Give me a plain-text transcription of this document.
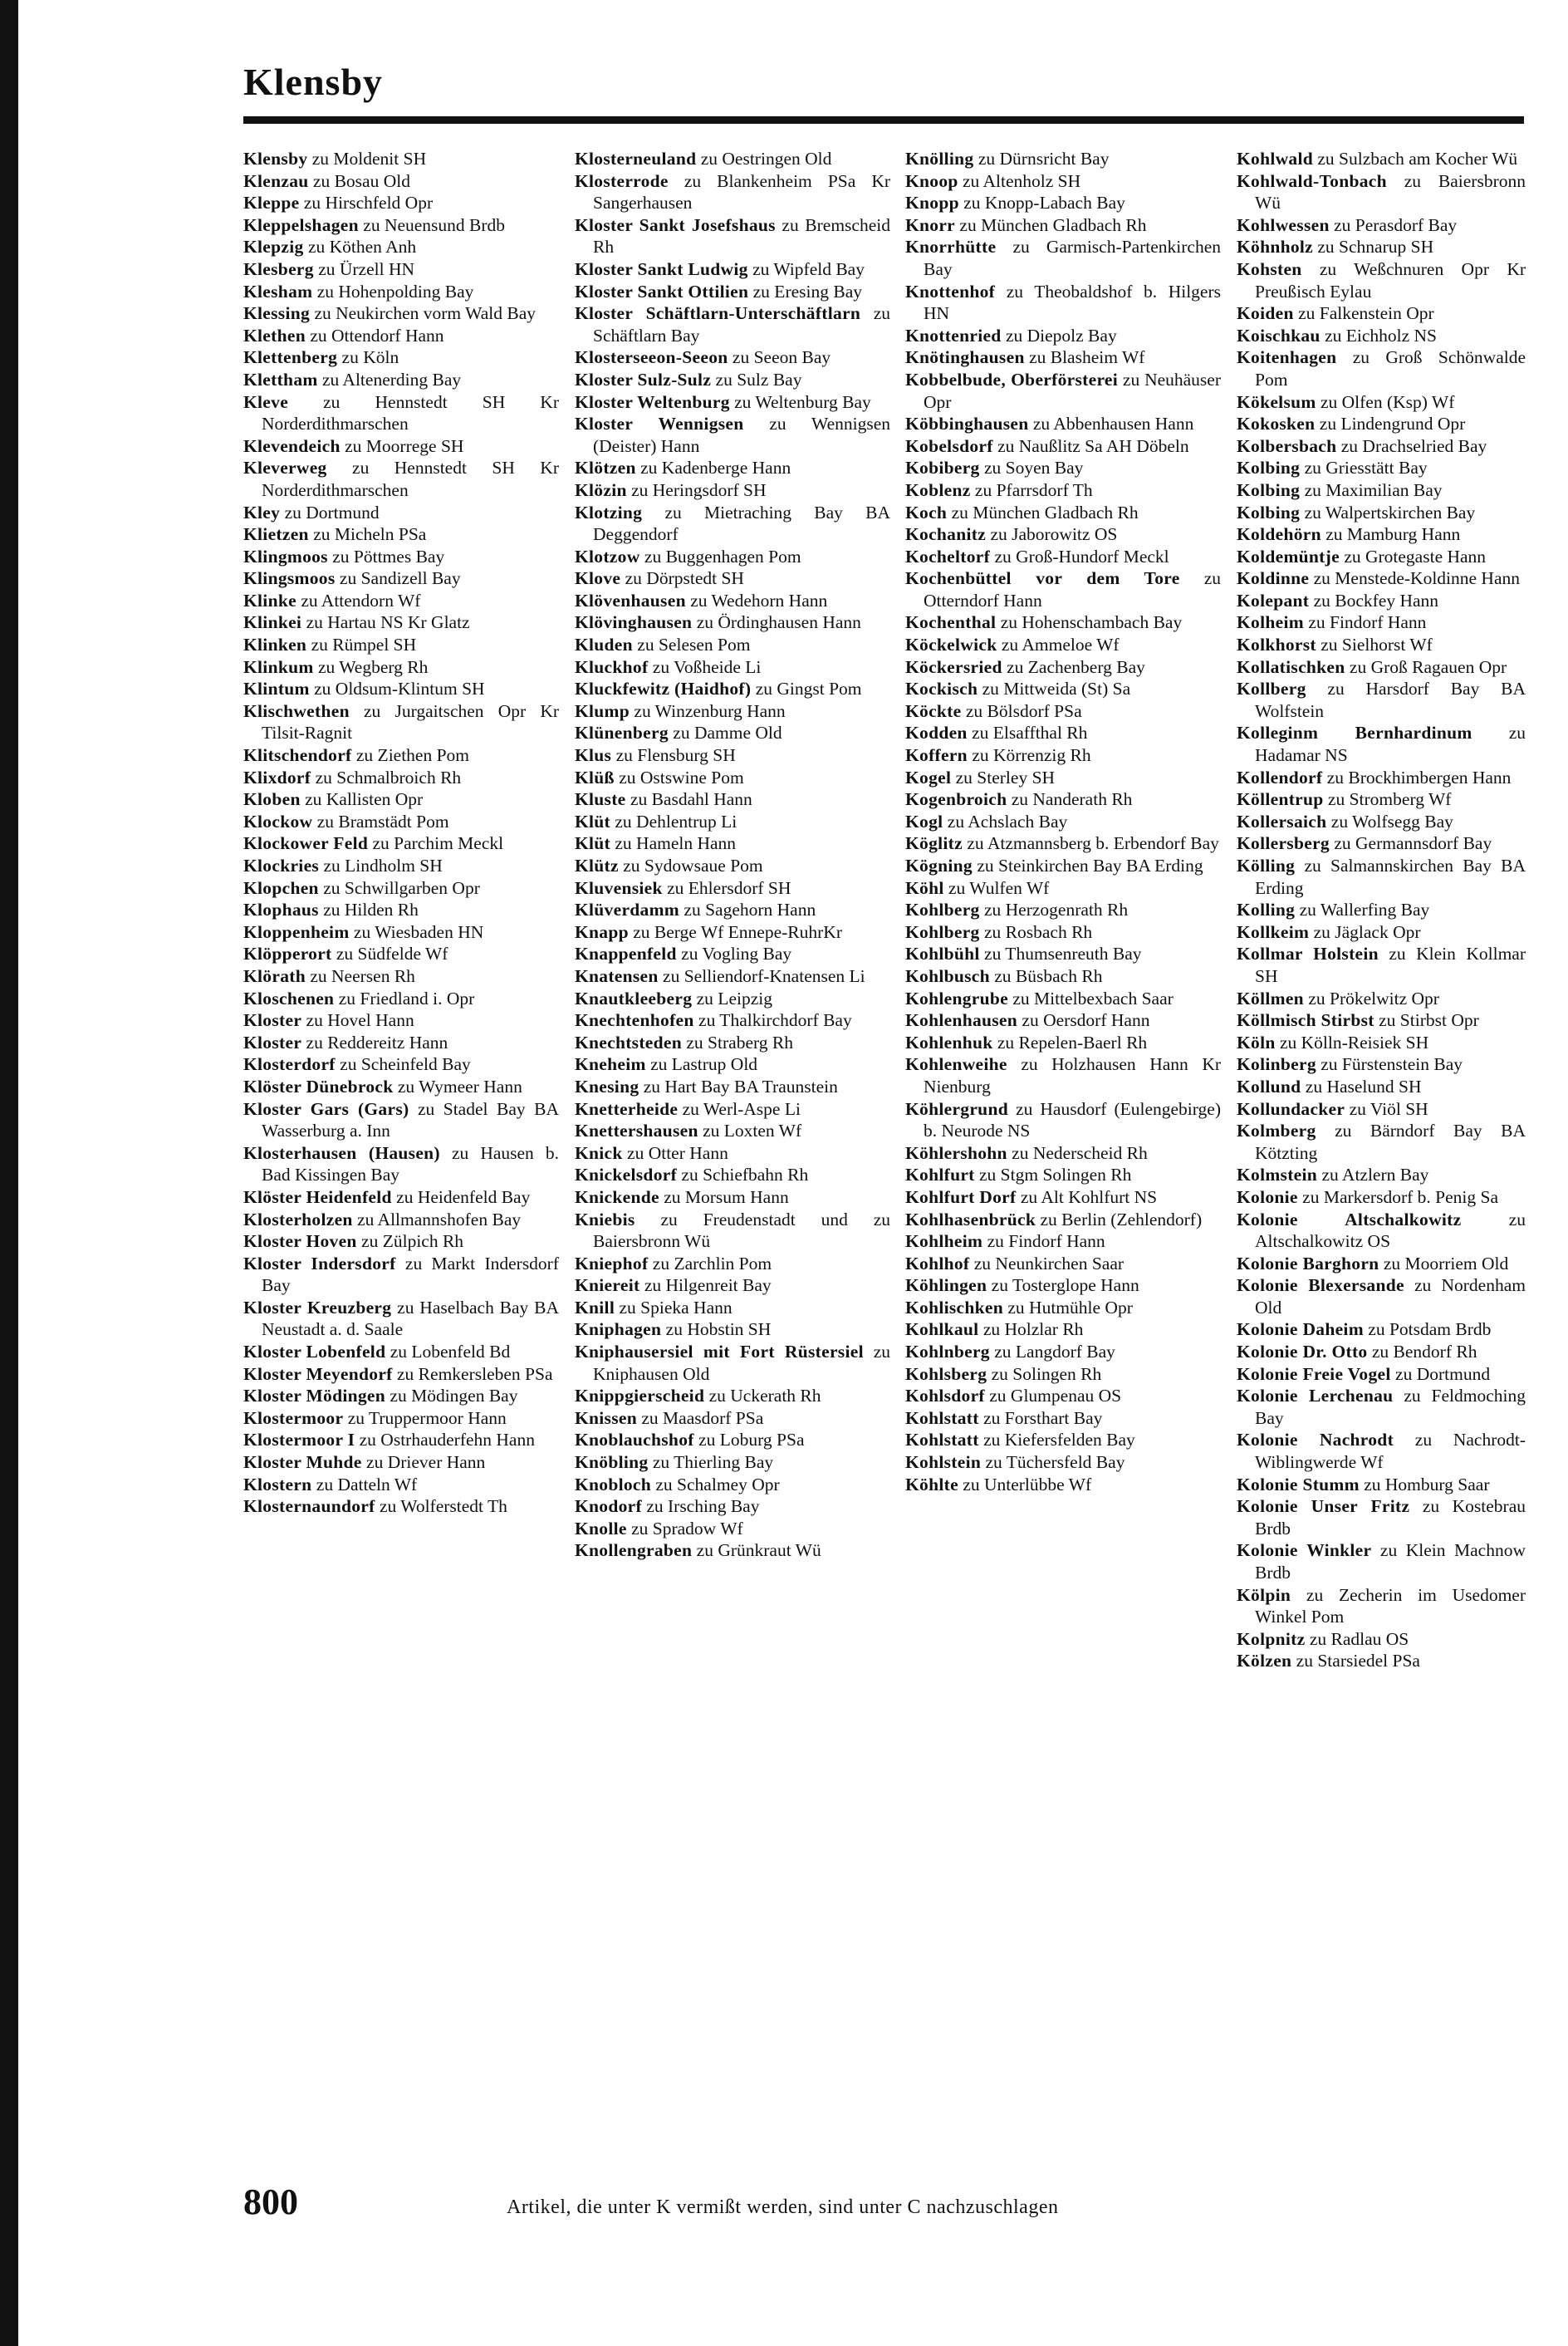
Klensby
Klensby zu Moldenit SH
Klenzau zu Bosau Old
Kleppe zu Hirschfeld Opr
Kleppelshagen zu Neuensund Brdb
Klepzig zu Köthen Anh
Klesberg zu Ürzell HN
Klesham zu Hohenpolding Bay
Klessing zu Neukirchen vorm Wald Bay
Klethen zu Ottendorf Hann
Klettenberg zu Köln
Klettham zu Altenerding Bay
Kleve zu Hennstedt SH Kr Norderdithmarschen
Klevendeich zu Moorrege SH
Kleverweg zu Hennstedt SH Kr Norderdithmarschen
Kley zu Dortmund
Klietzen zu Micheln PSa
Klingmoos zu Pöttmes Bay
Klingsmoos zu Sandizell Bay
Klinke zu Attendorn Wf
Klinkei zu Hartau NS Kr Glatz
Klinken zu Rümpel SH
Klinkum zu Wegberg Rh
Klintum zu Oldsum-Klintum SH
Klischwethen zu Jurgaitschen Opr Kr Tilsit-Ragnit
Klitschendorf zu Ziethen Pom
Klixdorf zu Schmalbroich Rh
Kloben zu Kallisten Opr
Klockow zu Bramstädt Pom
Klockower Feld zu Parchim Meckl
Klockries zu Lindholm SH
Klopchen zu Schwillgarben Opr
Klophaus zu Hilden Rh
Kloppenheim zu Wiesbaden HN
Klöpperort zu Südfelde Wf
Klörath zu Neersen Rh
Kloschenen zu Friedland i. Opr
Kloster zu Hovel Hann
Kloster zu Reddereitz Hann
Klosterdorf zu Scheinfeld Bay
Klöster Dünebrock zu Wymeer Hann
Kloster Gars (Gars) zu Stadel Bay BA Wasserburg a. Inn
Klosterhausen (Hausen) zu Hausen b. Bad Kissingen Bay
Klöster Heidenfeld zu Heidenfeld Bay
Klosterholzen zu Allmannshofen Bay
Kloster Hoven zu Zülpich Rh
Kloster Indersdorf zu Markt Indersdorf Bay
Kloster Kreuzberg zu Haselbach Bay BA Neustadt a. d. Saale
Kloster Lobenfeld zu Lobenfeld Bd
Kloster Meyendorf zu Remkersleben PSa
Kloster Mödingen zu Mödingen Bay
Klostermoor zu Truppermoor Hann
Klostermoor I zu Ostrhauderfehn Hann
Kloster Muhde zu Driever Hann
Klostern zu Datteln Wf
Klosternaundorf zu Wolferstedt Th
Klosterneuland zu Oestringen Old
Klosterrode zu Blankenheim PSa Kr Sangerhausen
Kloster Sankt Josefshaus zu Bremscheid Rh
Kloster Sankt Ludwig zu Wipfeld Bay
Kloster Sankt Ottilien zu Eresing Bay
Kloster Schäftlarn-Unterschäftlarn zu Schäftlarn Bay
Klosterseeon-Seeon zu Seeon Bay
Kloster Sulz-Sulz zu Sulz Bay
Kloster Weltenburg zu Weltenburg Bay
Kloster Wennigsen zu Wennigsen (Deister) Hann
Klötzen zu Kadenberge Hann
Klözin zu Heringsdorf SH
Klotzing zu Mietraching Bay BA Deggendorf
Klotzow zu Buggenhagen Pom
Klove zu Dörpstedt SH
Klövenhausen zu Wedehorn Hann
Klövinghausen zu Ördinghausen Hann
Kluden zu Selesen Pom
Kluckhof zu Voßheide Li
Kluckfewitz (Haidhof) zu Gingst Pom
Klump zu Winzenburg Hann
Klünenberg zu Damme Old
Klus zu Flensburg SH
Klüß zu Ostswine Pom
Kluste zu Basdahl Hann
Klüt zu Dehlentrup Li
Klüt zu Hameln Hann
Klütz zu Sydowsaue Pom
Kluvensiek zu Ehlersdorf SH
Klüverdamm zu Sagehorn Hann
Knapp zu Berge Wf Ennepe-RuhrKr
Knappenfeld zu Vogling Bay
Knatensen zu Selliendorf-Knatensen Li
Knautkleeberg zu Leipzig
Knechtenhofen zu Thalkirchdorf Bay
Knechtsteden zu Straberg Rh
Kneheim zu Lastrup Old
Knesing zu Hart Bay BA Traunstein
Knetterheide zu Werl-Aspe Li
Knettershausen zu Loxten Wf
Knick zu Otter Hann
Knickelsdorf zu Schiefbahn Rh
Knickende zu Morsum Hann
Kniebis zu Freudenstadt und zu Baiersbronn Wü
Kniephof zu Zarchlin Pom
Kniereit zu Hilgenreit Bay
Knill zu Spieka Hann
Kniphagen zu Hobstin SH
Kniphausersiel mit Fort Rüstersiel zu Kniphausen Old
Knippgierscheid zu Uckerath Rh
Knissen zu Maasdorf PSa
Knoblauchshof zu Loburg PSa
Knöbling zu Thierling Bay
Knobloch zu Schalmey Opr
Knodorf zu Irsching Bay
Knolle zu Spradow Wf
Knollengraben zu Grünkraut Wü
Knölling zu Dürnsricht Bay
Knoop zu Altenholz SH
Knopp zu Knopp-Labach Bay
Knorr zu München Gladbach Rh
Knorrhütte zu Garmisch-Partenkirchen Bay
Knottenhof zu Theobaldshof b. Hilgers HN
Knottenried zu Diepolz Bay
Knötinghausen zu Blasheim Wf
Kobbelbude, Oberförsterei zu Neuhäuser Opr
Köbbinghausen zu Abbenhausen Hann
Kobelsdorf zu Naußlitz Sa AH Döbeln
Kobiberg zu Soyen Bay
Koblenz zu Pfarrsdorf Th
Koch zu München Gladbach Rh
Kochanitz zu Jaborowitz OS
Kocheltorf zu Groß-Hundorf Meckl
Kochenbüttel vor dem Tore zu Otterndorf Hann
Kochenthal zu Hohenschambach Bay
Köckelwick zu Ammeloe Wf
Köckersried zu Zachenberg Bay
Kockisch zu Mittweida (St) Sa
Köckte zu Bölsdorf PSa
Kodden zu Elsaffthal Rh
Koffern zu Körrenzig Rh
Kogel zu Sterley SH
Kogenbroich zu Nanderath Rh
Kogl zu Achslach Bay
Köglitz zu Atzmannsberg b. Erbendorf Bay
Kögning zu Steinkirchen Bay BA Erding
Köhl zu Wulfen Wf
Kohlberg zu Herzogenrath Rh
Kohlberg zu Rosbach Rh
Kohlbühl zu Thumsenreuth Bay
Kohlbusch zu Büsbach Rh
Kohlengrube zu Mittelbexbach Saar
Kohlenhausen zu Oersdorf Hann
Kohlenhuk zu Repelen-Baerl Rh
Kohlenweihe zu Holzhausen Hann Kr Nienburg
Köhlergrund zu Hausdorf (Eulengebirge) b. Neurode NS
Köhlershohn zu Nederscheid Rh
Kohlfurt zu Stgm Solingen Rh
Kohlfurt Dorf zu Alt Kohlfurt NS
Kohlhasenbrück zu Berlin (Zehlendorf)
Kohlheim zu Findorf Hann
Kohlhof zu Neunkirchen Saar
Köhlingen zu Tosterglope Hann
Kohlischken zu Hutmühle Opr
Kohlkaul zu Holzlar Rh
Kohlnberg zu Langdorf Bay
Kohlsberg zu Solingen Rh
Kohlsdorf zu Glumpenau OS
Kohlstatt zu Forsthart Bay
Kohlstatt zu Kiefersfelden Bay
Kohlstein zu Tüchersfeld Bay
Köhlte zu Unterlübbe Wf
Kohlwald zu Sulzbach am Kocher Wü
Kohlwald-Tonbach zu Baiersbronn Wü
Kohlwessen zu Perasdorf Bay
Köhnholz zu Schnarup SH
Kohsten zu Weßchnuren Opr Kr Preußisch Eylau
Koiden zu Falkenstein Opr
Koischkau zu Eichholz NS
Koitenhagen zu Groß Schönwalde Pom
Kökelsum zu Olfen (Ksp) Wf
Kokosken zu Lindengrund Opr
Kolbersbach zu Drachselried Bay
Kolbing zu Griesstätt Bay
Kolbing zu Maximilian Bay
Kolbing zu Walpertskirchen Bay
Koldehörn zu Mamburg Hann
Koldemüntje zu Grotegaste Hann
Koldinne zu Menstede-Koldinne Hann
Kolepant zu Bockfey Hann
Kolheim zu Findorf Hann
Kolkhorst zu Sielhorst Wf
Kollatischken zu Groß Ragauen Opr
Kollberg zu Harsdorf Bay BA Wolfstein
Kolleginm Bernhardinum zu Hadamar NS
Kollendorf zu Brockhimbergen Hann
Köllentrup zu Stromberg Wf
Kollersaich zu Wolfsegg Bay
Kollersberg zu Germannsdorf Bay
Kölling zu Salmannskirchen Bay BA Erding
Kolling zu Wallerfing Bay
Kollkeim zu Jäglack Opr
Kollmar Holstein zu Klein Kollmar SH
Köllmen zu Prökelwitz Opr
Köllmisch Stirbst zu Stirbst Opr
Köln zu Kölln-Reisiek SH
Kolinberg zu Fürstenstein Bay
Kollund zu Haselund SH
Kollundacker zu Viöl SH
Kolmberg zu Bärndorf Bay BA Kötzting
Kolmstein zu Atzlern Bay
Kolonie zu Markersdorf b. Penig Sa
Kolonie Altschalkowitz	zu Altschalkowitz OS
Kolonie Barghorn zu Moorriem Old
Kolonie Blexersande zu Nordenham Old
Kolonie Daheim zu Potsdam Brdb
Kolonie Dr. Otto zu Bendorf Rh
Kolonie Freie Vogel zu Dortmund
Kolonie Lerchenau zu Feldmoching Bay
Kolonie Nachrodt zu Nachrodt-Wiblingwerde Wf
Kolonie Stumm zu Homburg Saar
Kolonie Unser Fritz zu Kostebrau Brdb
Kolonie Winkler zu Klein Machnow Brdb
Kölpin zu Zecherin im Usedomer Winkel Pom
Kolpnitz zu Radlau OS
Kölzen zu Starsiedel PSa
800	Artikel, die unter K vermißt werden, sind unter C nachzuschlagen
